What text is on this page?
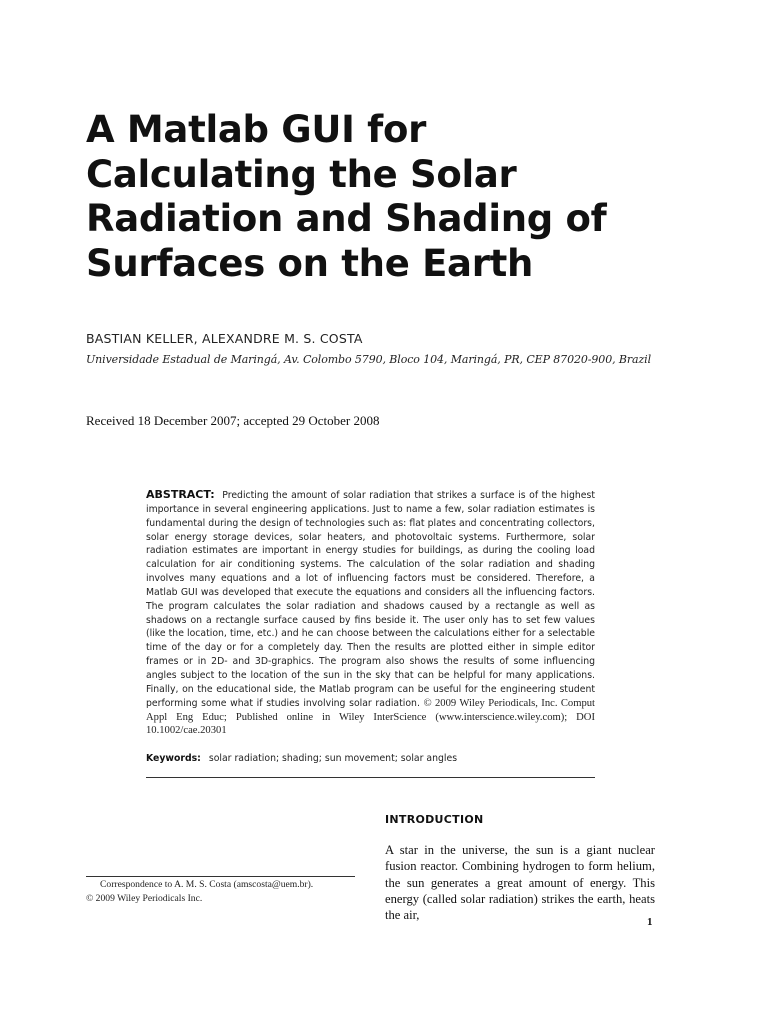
A Matlab GUI for
Calculating the Solar
Radiation and Shading of
Surfaces on the Earth
BASTIAN KELLER, ALEXANDRE M. S. COSTA
Universidade Estadual de Maringá, Av. Colombo 5790, Bloco 104, Maringá, PR, CEP 87020-900, Brazil
Received 18 December 2007; accepted 29 October 2008

ABSTRACT: Predicting the amount of solar radiation that strikes a surface is of the highest importance in several engineering applications. Just to name a few, solar radiation estimates is fundamental during the design of technologies such as: flat plates and concentrating collectors, solar energy storage devices, solar heaters, and photovoltaic systems. Furthermore, solar radiation estimates are important in energy studies for buildings, as during the cooling load calculation for air conditioning systems. The calculation of the solar radiation and shading involves many equations and a lot of influencing factors must be considered. Therefore, a Matlab GUI was developed that execute the equations and considers all the influencing factors. The program calculates the solar radiation and shadows caused by a rectangle as well as shadows on a rectangle surface caused by fins beside it. The user only has to set few values (like the location, time, etc.) and he can choose between the calculations either for a selectable time of the day or for a completely day. Then the results are plotted either in simple editor frames or in 2D- and 3D-graphics. The program also shows the results of some influencing angles subject to the location of the sun in the sky that can be helpful for many applications. Finally, on the educational side, the Matlab program can be useful for the engineering student performing some what if studies involving solar radiation. © 2009 Wiley Periodicals, Inc. Comput Appl Eng Educ; Published online in Wiley InterScience (www.interscience.wiley.com); DOI 10.1002/cae.20301

Keywords: solar radiation; shading; sun movement; solar angles
INTRODUCTION

A star in the universe, the sun is a giant nuclear fusion reactor. Combining hydrogen to form helium, the sun generates a great amount of energy. This energy (called solar radiation) strikes the earth, heats the air,

Correspondence to A. M. S. Costa (amscosta@uem.br).
© 2009 Wiley Periodicals Inc.
1
